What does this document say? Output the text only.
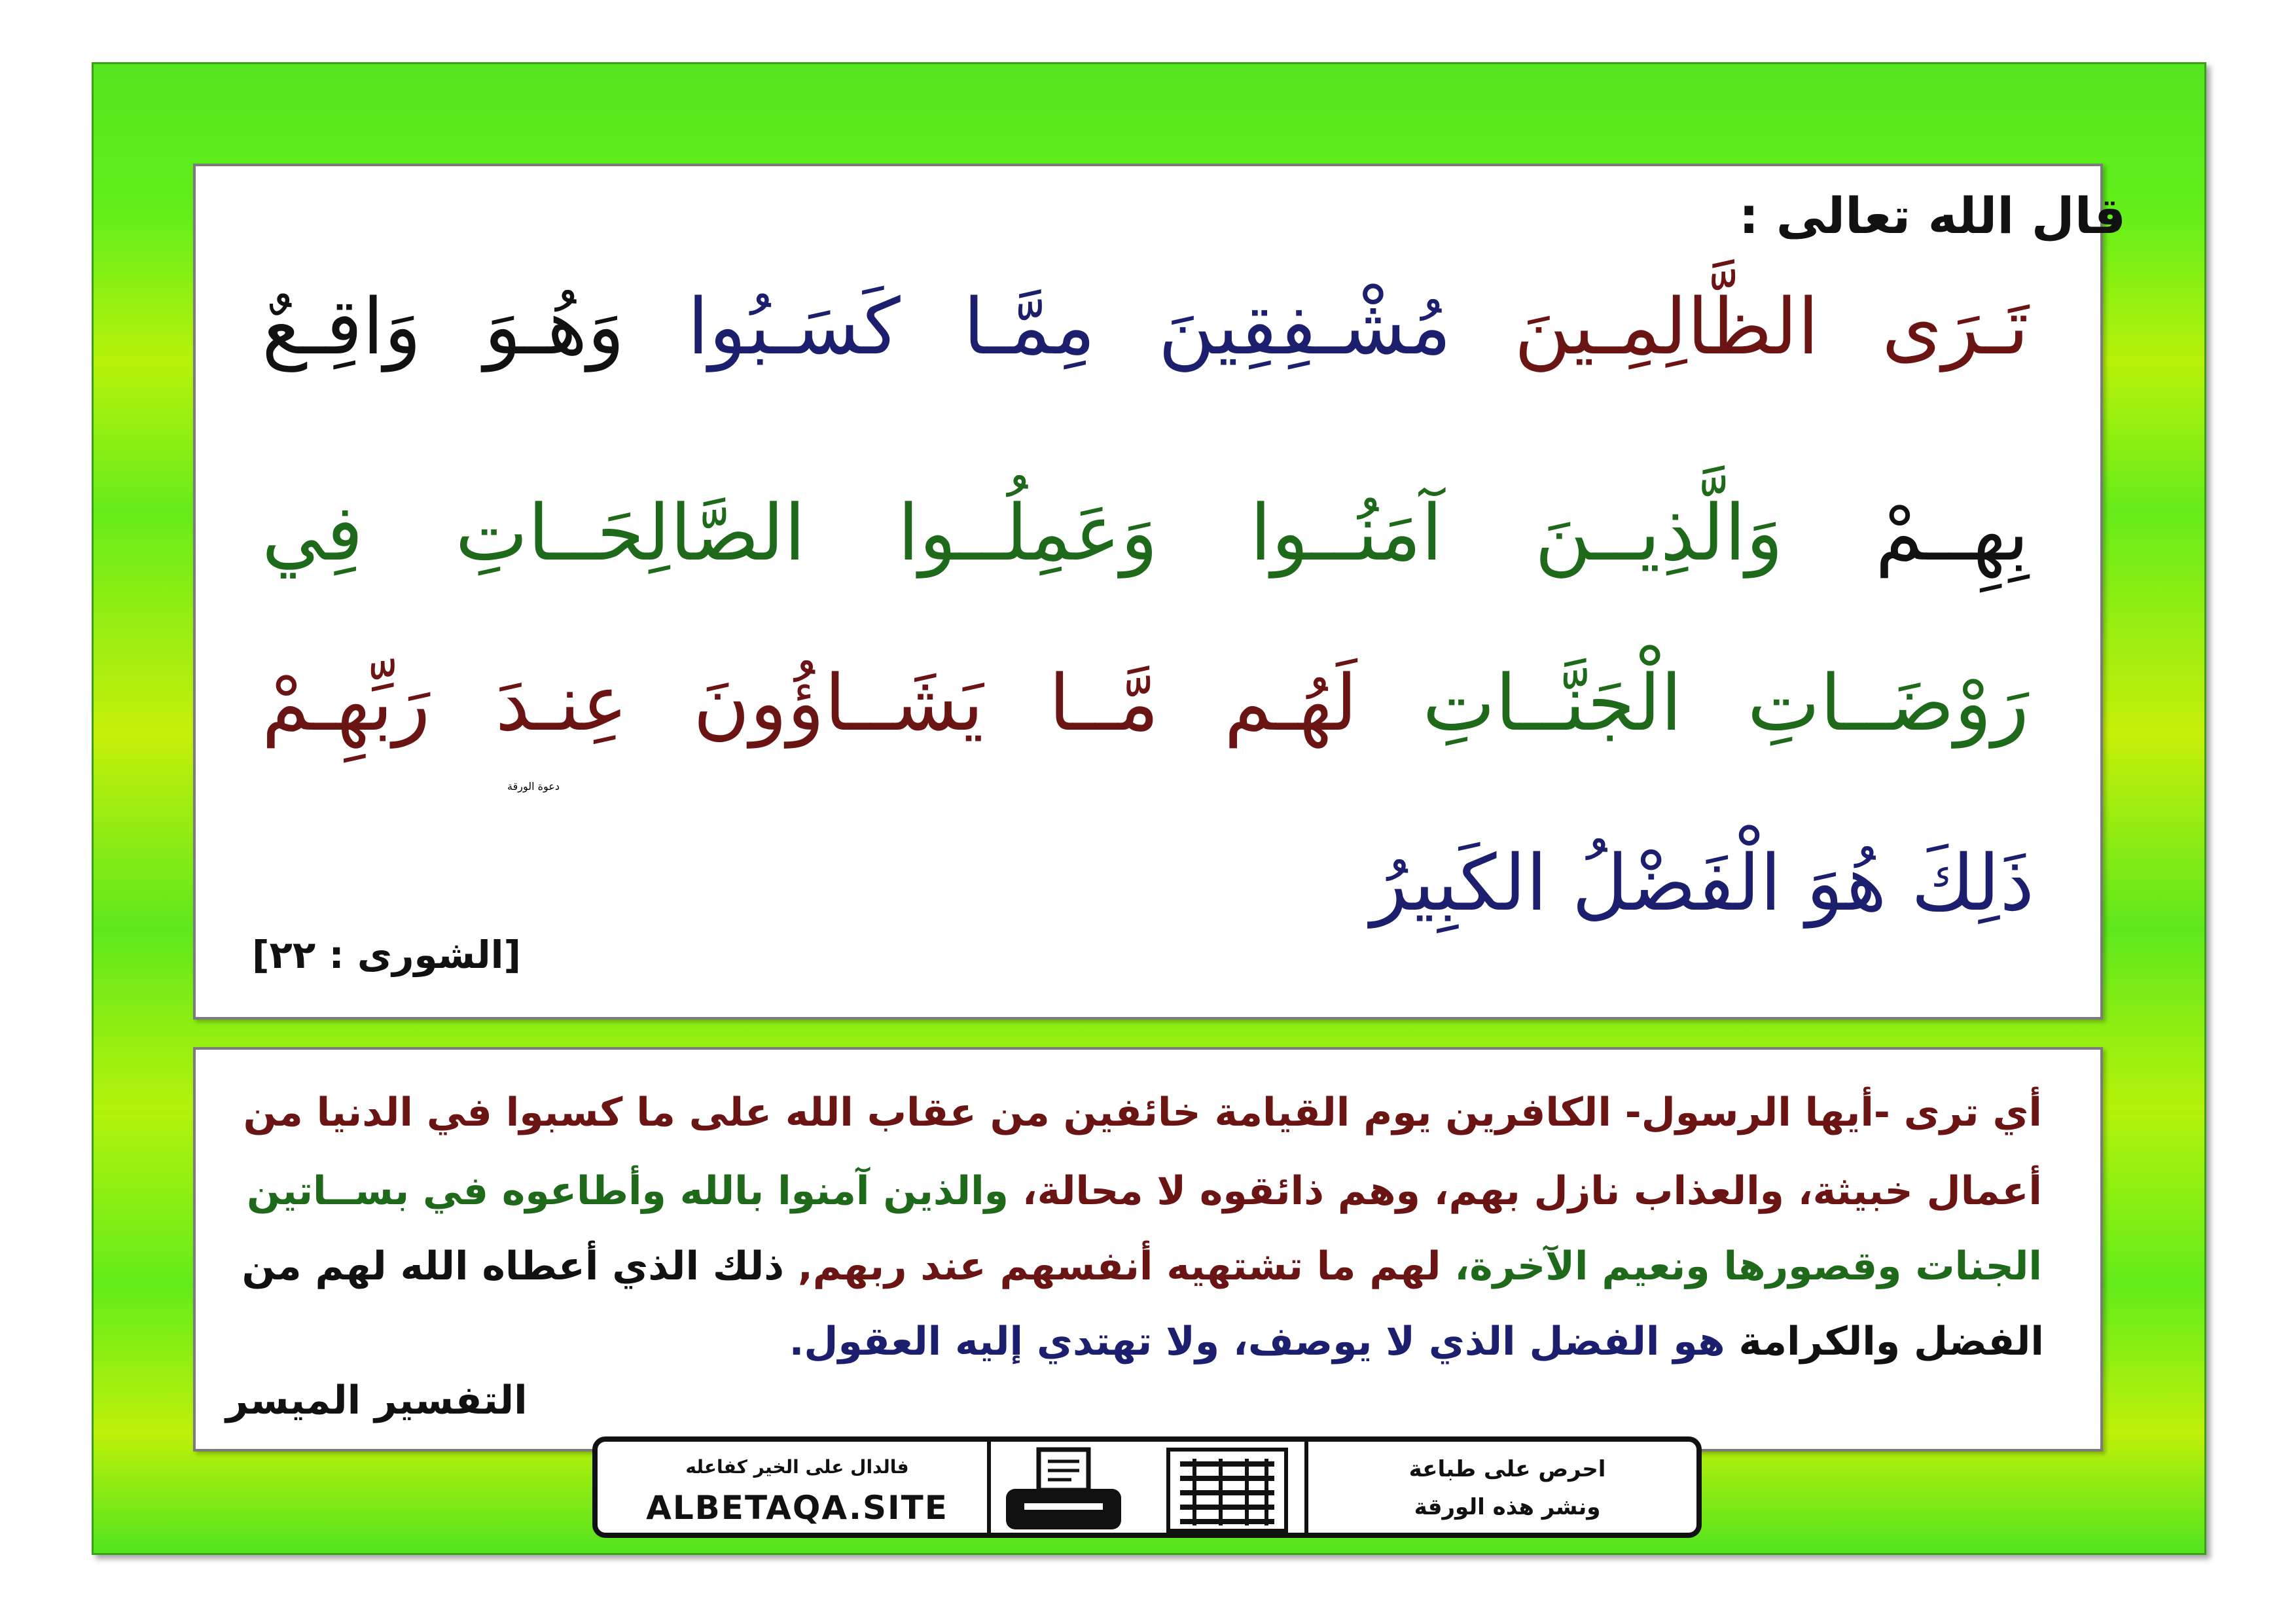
قال الله تعالى :

تَـرَى الظَّالِمِـينَ مُشْـفِقِينَ مِمَّـا كَسَـبُوا وَهُـوَ وَاقِـعٌ

بِهِــمْ وَالَّذِيــنَ آمَنُــوا وَعَمِلُــوا الصَّالِحَــاتِ فِي

رَوْضَــاتِ الْجَنَّــاتِ لَهُـم مَّــا يَشَــاؤُونَ عِنـدَ رَبِّهِـمْ

ذَلِكَ هُوَ الْفَضْلُ الكَبِيرُ

[الشورى : ٢٢]

أي ترى -أيها الرسول- الكافرين يوم القيامة خائفين من عقاب الله على ما كسبوا في الدنيا من

أعمال خبيثة، والعذاب نازل بهم، وهم ذائقوه لا محالة، والذين آمنوا بالله وأطاعوه في بســاتين

الجنات وقصورها ونعيم الآخرة، لهم ما تشتهيه أنفسهم عند ربهم, ذلك الذي أعطاه الله لهم من

الفضل والكرامة هو الفضل الذي لا يوصف، ولا تهتدي إليه العقول.

التفسير الميسر

فالدال على الخير كفاعله

ALBETAQA.SITE

دعوة الورقة

احرص على طباعة

ونشر هذه الورقة
